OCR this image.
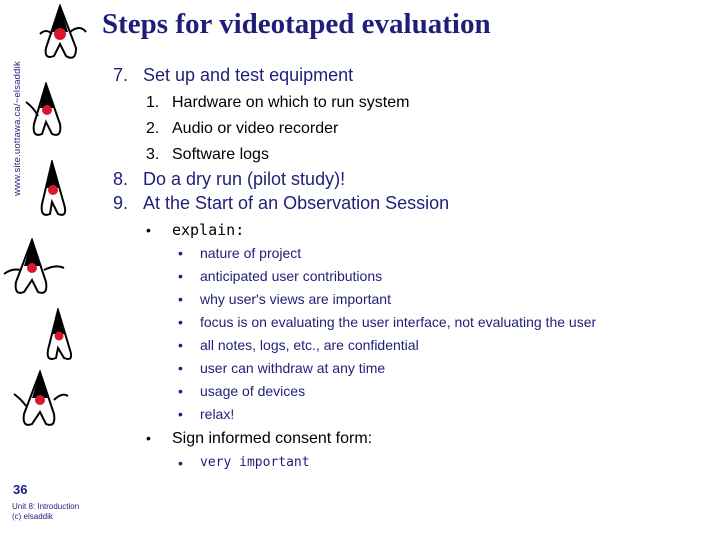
www.site.uottawa.ca/~elsaddik
Steps for videotaped evaluation
7. Set up and test equipment
1. Hardware on which to run system
2. Audio or video recorder
3. Software logs
8. Do a dry run (pilot study)!
9. At the Start of an Observation Session
• explain:
• nature of project
• anticipated user contributions
• why user's views are important
• focus is on evaluating the user interface, not evaluating the user
• all notes, logs, etc., are confidential
• user can withdraw at any time
• usage of devices
• relax!
• Sign informed consent form:
• very important
36
Unit 8: Introduction
(c) elsaddik
